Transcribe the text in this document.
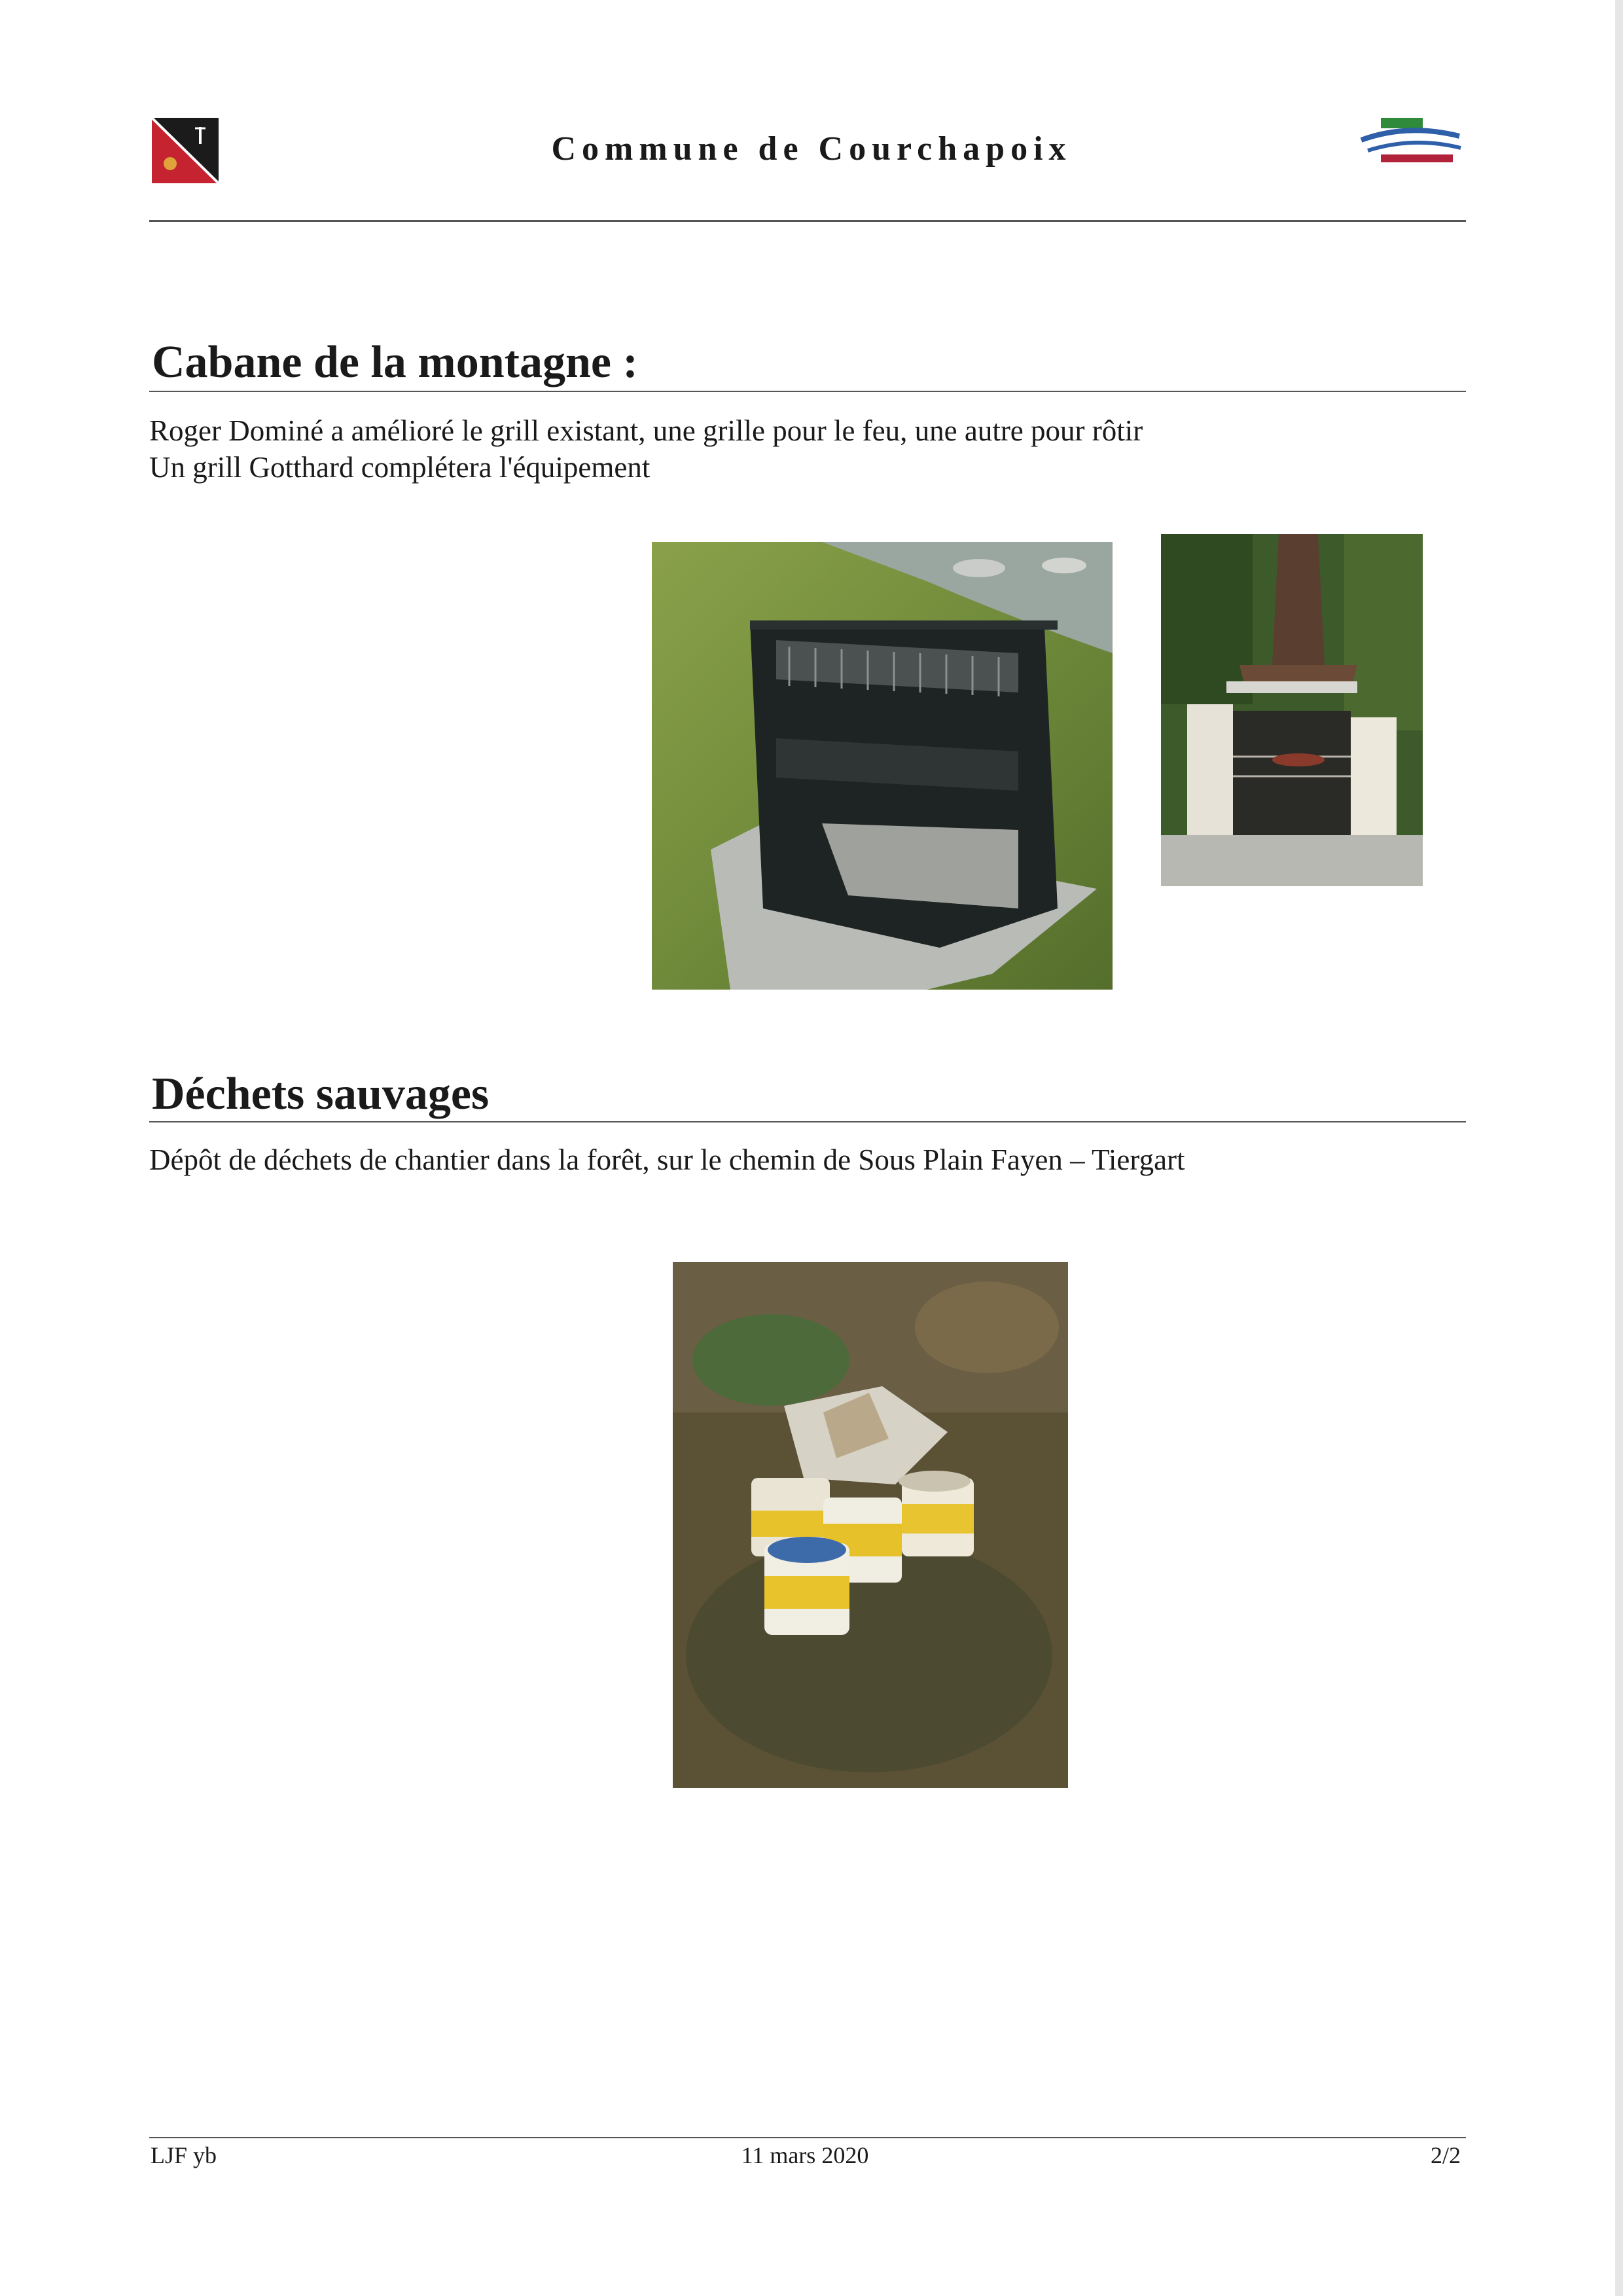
Commune de Courchapoix
Cabane de la montagne :
Roger Dominé a amélioré le grill existant, une grille pour le feu, une autre pour rôtir
Un grill Gotthard complétera l'équipement
Déchets sauvages
Dépôt de déchets de chantier dans la forêt, sur le chemin de Sous Plain Fayen – Tiergart
LJF yb	11 mars 2020	2/2
